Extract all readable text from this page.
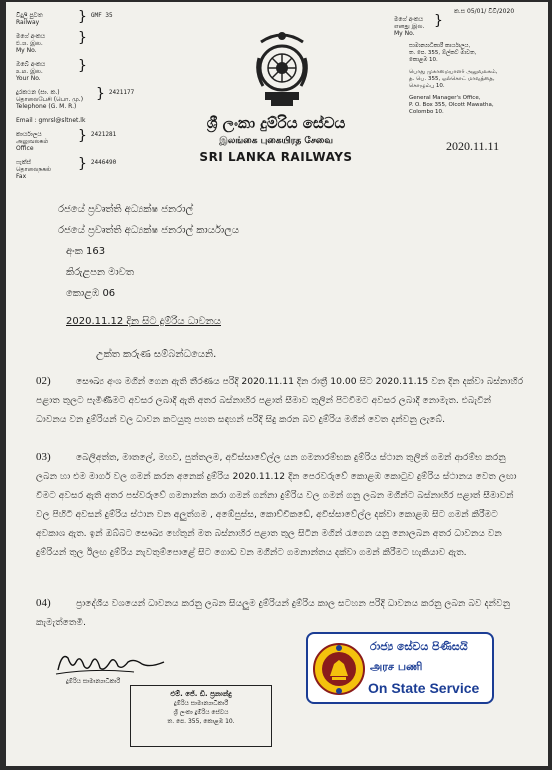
විදුලි පුවත
Railway	} GMF 35
මගේ අංකය
එ.ශ. இல.
My No.
}
ඔබේ අංකය
உம. இல.
Your No.
}
දුරකථන (සා. ක.)
தொலைபேசி (பொ. மு.)
Telephone (G. M. R.)
} 2421177
Email : gmrsl@sltnet.lk
කාර්යාලය
அலுவலகம்
Office
} 2421281
ෆැක්ස්
தொலைநகல்
Fax
} 2446490
ශ්‍රී ලංකා දුම්රිය සේවය
இலங்கை புகையிரத சேவை
SRI LANKA RAILWAYS
ක.ස 05/01/ විවි/2020
මගේ අංකය
எனது இல.
My No.
}
සාමාන්‍යාධිකාරී කාර්යාලය,
ත. පෙ. 355, ඕල්කට් මාවත,
කොළඹ 10.
பொது முகாமையாளர் அலுவலகம்,
த. பெ. 355, ஒல்கொட் மாவத்தை,
கொழும்பு 10.
General Manager's Office,
P. O. Box 355, Olcott Mawatha,
Colombo 10.
2020.11.11
රජයේ ප්‍රවෘත්ති අධ්‍යක්ෂ ජනරාල්
රජයේ ප්‍රවෘත්ති අධ්‍යක්ෂ ජනරාල් කාර්යාලය
අංක 163
කිරුළපන මාවත
කොළඹ 06
2020.11.12 දින සිට දුම්රිය ධාවනය
උක්ත කරුණ සම්බන්ධයෙනි.
02)	සෞඛ්‍ය අංශ මගින් ගෙන ඇති තීරණය පරිදි 2020.11.11 දින රාත්‍රී 10.00 සිට 2020.11.15 වන දින දක්වා බස්නාහිර පළාත තුලට පැමිණීමට අවසර ලබාදී ඇති අතර බස්නාහිර පළාත් සීමාව තුලින් පිටවීමට අවසර ලබාදී නොමැත. එබැවින් ධාවනය වන දුම්රියන් වල ධාවන කටයුතු පහත සඳහන් පරිදි සිදු කරන බව දුම්රිය මගින් වෙත දන්වනු ලැබේ.
03)	බෙලිඅත්ත, මාතලේ, මහව, පුත්තලම, අවිස්සාවේල්ල යන ගමනාරම්භක දුම්රිය ස්ථාන තුලින් ගමන් ආරම්භ කරනු ලබන හා එම මාර්ග වල ගමන් කරන අනෙක් දුම්රිය 2020.11.12 දින පෙරවරුවේ කොළඹ කොටුව දුම්රිය ස්ථානය වෙත ලඟා වීමට අවසර ඇති අතර පස්වරුවේ ගමනාන්ත කරා ගමන් ගන්නා දුම්රිය වල ගමන් ගනු ලබන මගීන්ට බස්නාහිර පළාත් සීමාවන් වල පිහිටි අවසන් දුම්රිය ස්ථාන වන අලුත්ගම , අඹේපුස්ස, කොච්චිකඩේ, අවිස්සාවේල්ල දක්වා කොළඹ සිට ගමන් කිරීමට අවකාශ ඇත. ඉන් ඔබ්බට සෞඛ්‍ය හේතුන් මත බස්නාහිර පළාත තුල සිටින මගින් රැගෙන යනු නොලබන අතර ධාවනය වන දුම්රියන් තුල ඊලඟ දුම්රිය නැවතුම්පොළේ සිට ගොඩ වන මගීන්ට ගමනාන්තය දක්වා ගමන් කිරීමට හැකියාව ඇත.
04)	ප්‍රාදේශීය වශයෙන් ධාවනය කරනු ලබන සියලුම දුම්රියන් දුම්රිය කාල සටහන පරිදි ධාවනය කරනු ලබන බව දන්වනු කැමැත්තෙමි.
දුම්රිය සාමාන්‍යාධිකාරී
එම්. ජේ. ඩී. ප්‍රනාන්දු
දුම්රිය සාමාන්‍යාධිකාරී
ශ්‍රී ලංකා දුම්රිය සේවය
ත. පෙ. 355, කොළඹ 10.
රාජ්‍ය සේවය පිණිසයි
அரச பணி
On State Service
